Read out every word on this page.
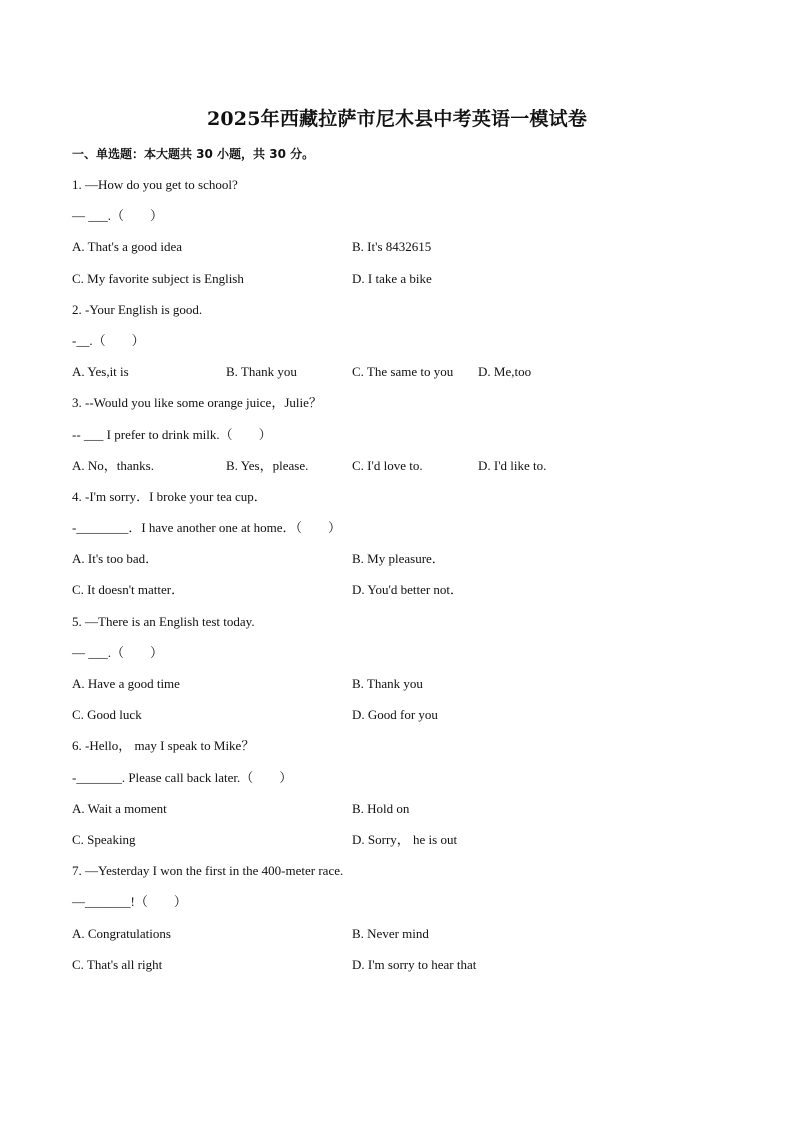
2025年西藏拉萨市尼木县中考英语一模试卷
一、单选题：本大题共 30 小题，共 30 分。
1. —How do you get to school?
— ___.（        ）

A. That's a good idea

	B. It's 8432615

C. My favorite subject is English

	D. I take a bike

2. -Your English is good.
-__.（        ）

A. Yes,it is

	B. Thank you

	C. The same to you

D. Me,too

3. --Would you like some orange juice，Julie？
-- ___ I prefer to drink milk.（        ）

A. No，thanks.

	B. Yes，please.

	C. I'd love to.

	D. I'd like to.

4. -I'm sorry．I broke your tea cup．
-________．I have another one at home．（        ）

A. It's too bad．

	B. My pleasure．

C. It doesn't matter．

	D. You'd better not．

5. —There is an English test today.
— ___.（        ）

A. Have a good time

	B. Thank you

C. Good luck

	D. Good for you

6. -Hello， may I speak to Mike？
-_______. Please call back later.（        ）

A. Wait a moment

	B. Hold on

C. Speaking

	D. Sorry， he is out

7. —Yesterday I won the first in the 400-meter race.
—_______!（        ）

A. Congratulations

	B. Never mind

C. That's all right

	D. I'm sorry to hear that
